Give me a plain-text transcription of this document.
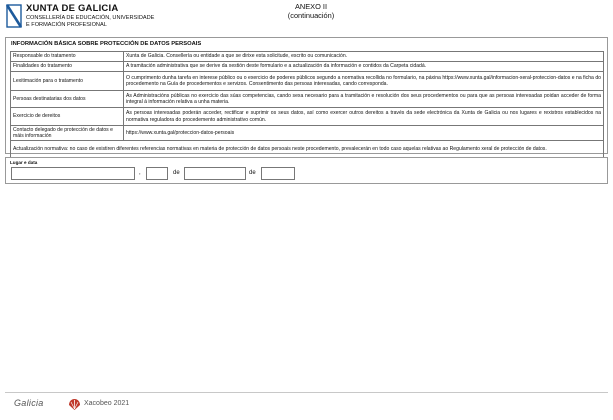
XUNTA DE GALICIA
CONSELLERÍA DE EDUCACIÓN, UNIVERSIDADE
E FORMACIÓN PROFESIONAL
ANEXO II
(continuación)
INFORMACIÓN BÁSICA SOBRE PROTECCIÓN DE DATOS PERSOAIS
Responsable do tratamento	Xunta de Galicia. Consellería ou entidade a que se dirixe esta solicitude, escrito ou comunicación.
Finalidades do tratamento	A tramitación administrativa que se derive da xestión deste formulario e a actualización da información e contidos da Carpeta cidadá.
Lexitimación para o tratamento	O cumprimento dunha tarefa en interese público ou o exercicio de poderes públicos segundo a normativa recollida no formulario, na páxina https://www.xunta.gal/informacion-xeral-proteccion-datos e na ficha do procedemento na Guía de procedementos e servizos. Consentimento das persoas interesadas, cando corresponda.
Persoas destinatarias dos datos	As Administracións públicas no exercicio das súas competencias, cando sexa necesario para a tramitación e resolución dos seus procedementos ou para que as persoas interesadas poidan acceder de forma integral á información relativa a unha materia.
Exercicio de dereitos	As persoas interesadas poderán acceder, rectificar e suprimir os seus datos, así como exercer outros dereitos a través da sede electrónica da Xunta de Galicia ou nos lugares e rexistros establecidos na normativa reguladora do procedemento administrativo común.
Contacto delegado de protección de datos e máis información	https://www.xunta.gal/proteccion-datos-persoais
Actualización normativa: no caso de existiren diferentes referencias normativas en materia de protección de datos persoais neste procedemento, prevalecerán en todo caso aquelas relativas ao Regulamento xeral de protección de datos.	
Lugar e data
,	de	de
Galicia	Xacobeo 2021
